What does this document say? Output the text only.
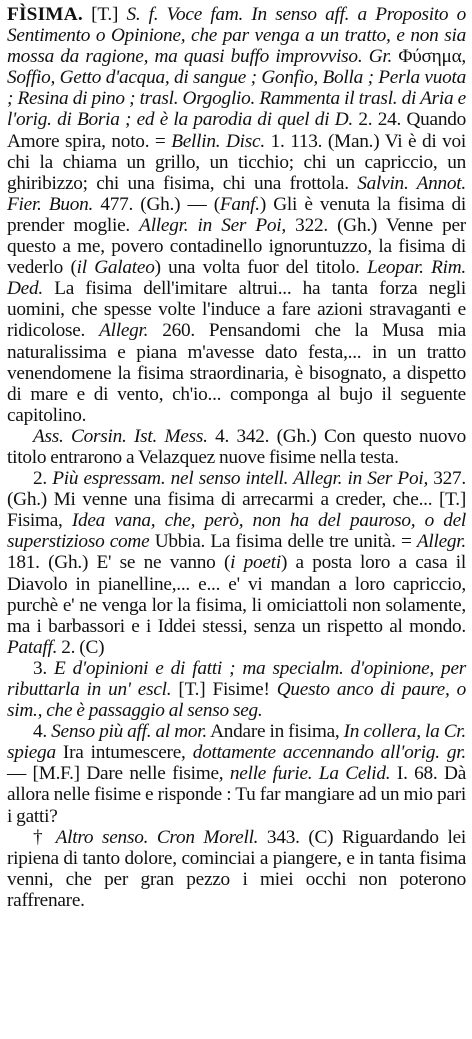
FÌSIMA. [T.] S. f. Voce fam. In senso aff. a Proposito o Sentimento o Opinione, che par venga a un tratto, e non sia mossa da ragione, ma quasi buffo improvviso. Gr. Φύσημα, Soffio, Getto d'acqua, di sangue ; Gonfio, Bolla ; Perla vuota ; Resina di pino ; trasl. Orgoglio. Rammenta il trasl. di Aria e l'orig. di Boria ; ed è la parodia di quel di D. 2. 24. Quando Amore spira, noto. = Bellin. Disc. 1. 113. (Man.) Vi è di voi chi la chiama un grillo, un ticchio; chi un capriccio, un ghiribizzo; chi una fisima, chi una frottola. Salvin. Annot. Fier. Buon. 477. (Gh.) — (Fanf.) Gli è venuta la fisima di prender moglie. Allegr. in Ser Poi, 322. (Gh.) Venne per questo a me, povero contadinello ignoruntuzzo, la fisima di vederlo (il Galateo) una volta fuor del titolo. Leopar. Rim. Ded. La fisima dell'imitare altrui... ha tanta forza negli uomini, che spesse volte l'induce a fare azioni stravaganti e ridicolose. Allegr. 260. Pensandomi che la Musa mia naturalissima e piana m'avesse dato festa,... in un tratto venendomene la fisima straordinaria, è bisognato, a dispetto di mare e di vento, ch'io... componga al bujo il seguente capitolino.

Ass. Corsin. Ist. Mess. 4. 342. (Gh.) Con questo nuovo titolo entrarono a Velazquez nuove fisime nella testa.

2. Più espressam. nel senso intell. Allegr. in Ser Poi, 327. (Gh.) Mi venne una fisima di arrecarmi a creder, che... [T.] Fisima, Idea vana, che, però, non ha del pauroso, o del superstizioso come Ubbia. La fisima delle tre unità. = Allegr. 181. (Gh.) E' se ne vanno (i poeti) a posta loro a casa il Diavolo in pianelline,... e... e' vi mandan a loro capriccio, purchè e' ne venga lor la fisima, li omiciattoli non solamente, ma i barbassori e i Iddei stessi, senza un rispetto al mondo. Pataff. 2. (C)

3. E d'opinioni e di fatti ; ma specialm. d'opinione, per ributtarla in un' escl. [T.] Fisime! Questo anco di paure, o sim., che è passaggio al senso seg.

4. Senso più aff. al mor. Andare in fisima, In collera, la Cr. spiega Ira intumescere, dottamente accennando all'orig. gr. — [M.F.] Dare nelle fisime, nelle furie. La Celid. I. 68. Dà allora nelle fisime e risponde : Tu far mangiare ad un mio pari i gatti?

† Altro senso. Cron Morell. 343. (C) Riguardando lei ripiena di tanto dolore, cominciai a piangere, e in tanta fisima venni, che per gran pezzo i miei occhi non poterono raffrenare.
